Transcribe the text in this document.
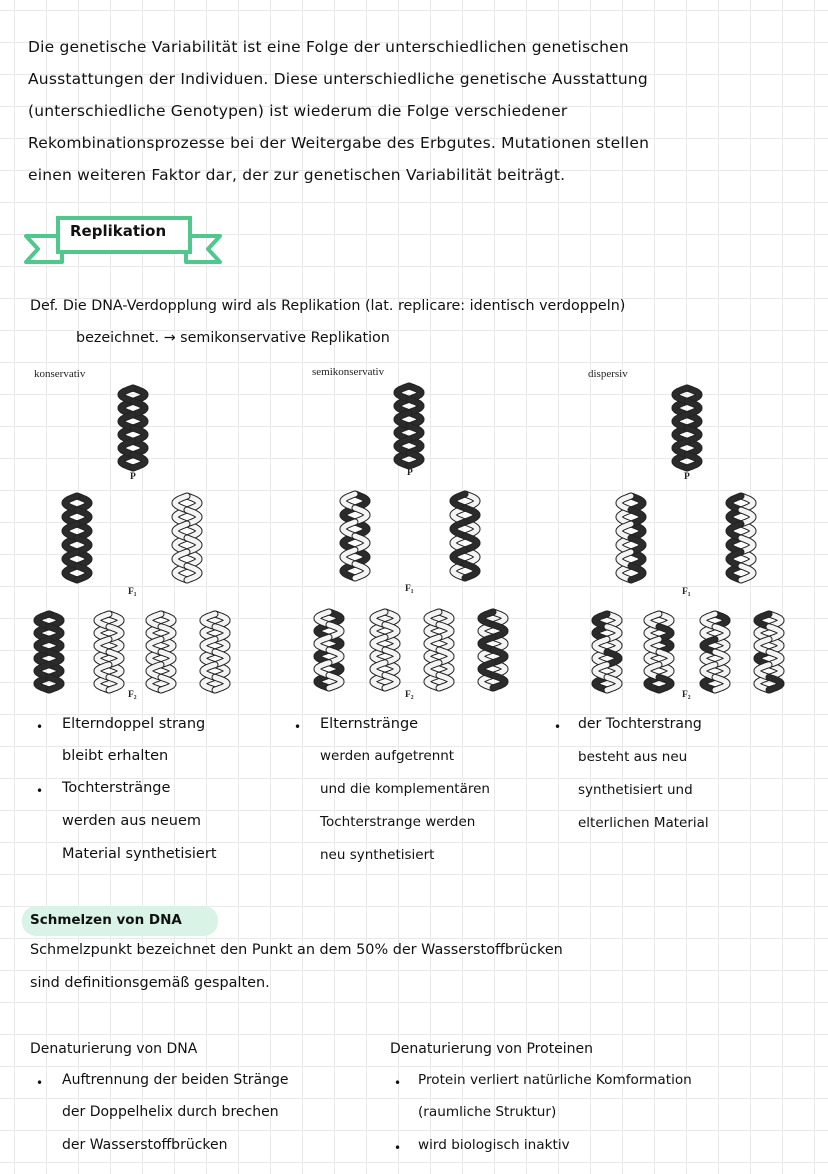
Die genetische Variabilität ist eine Folge der unterschiedlichen genetischen
Ausstattungen der Individuen. Diese unterschiedliche genetische Ausstattung
(unterschiedliche Genotypen) ist wiederum die Folge verschiedener
Rekombinationsprozesse bei der Weitergabe des Erbgutes. Mutationen stellen
einen weiteren Faktor dar, der zur genetischen Variabilität beiträgt.
Replikation
Def. Die DNA-Verdopplung wird als Replikation (lat. replicare: identisch verdoppeln)
bezeichnet. → semikonservative Replikation
konservativ	semikonservativ	dispersiv
P	P	P
F₁	F₁	F₁
F₂	F₂	F₂
• Elterndoppel strang
bleibt erhalten
• Tochterstränge
werden aus neuem
Material synthetisiert
• Elternstränge
werden aufgetrennt
und die komplementären
Tochterstrange werden
neu synthetisiert
• der Tochterstrang
besteht aus neu
synthetisiert und
elterlichen Material
Schmelzen von DNA
Schmelzpunkt bezeichnet den Punkt an dem 50% der Wasserstoffbrücken
sind definitionsgemäß gespalten.
Denaturierung von DNA
• Auftrennung der beiden Stränge
der Doppelhelix durch brechen
der Wasserstoffbrücken
Denaturierung von Proteinen
• Protein verliert natürliche Komformation
(raumliche Struktur)
• wird biologisch inaktiv
